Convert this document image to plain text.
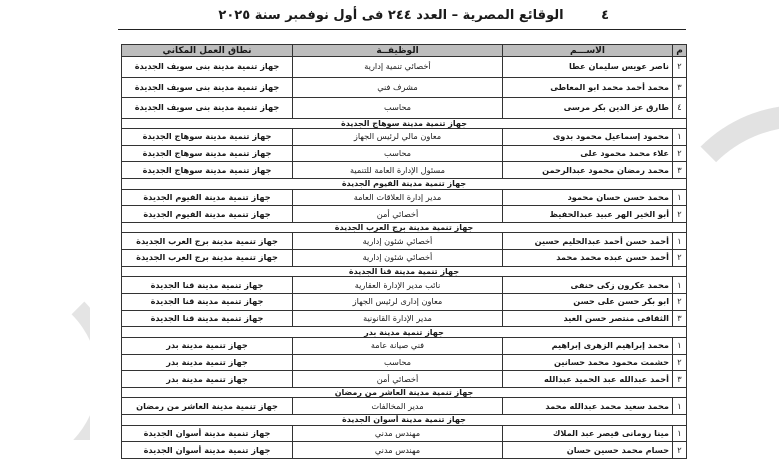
٤
الوقائع المصرية – العدد ٢٤٤ فى أول نوفمبر سنة ٢٠٢٥
م	الاســـم	الوظيفــة	نطاق العمل المكاني
٢	ناصر عويس سليمان عطا	أخصائي تنمية إدارية	جهاز تنمية مدينة بنى سويف الجديدة
٣	محمد أحمد محمد ابو المعاطى	مشرف فني	جهاز تنمية مدينة بنى سويف الجديدة
٤	طارق عز الدين بكر مرسى	محاسب	جهاز تنمية مدينة بنى سويف الجديدة
جهاز تنمية مدينة سوهاج الجديدة			
١	محمود إسماعيل محمود بدوى	معاون مالي لرئيس الجهاز	جهاز تنمية مدينة سوهاج الجديدة
٢	علاء محمد محمود على	محاسب	جهاز تنمية مدينة سوهاج الجديدة
٣	محمد رمضان محمود عبدالرحمن	مسئول الإدارة العامة للتنمية	جهاز تنمية مدينة سوهاج الجديدة
جهاز تنمية مدينة الفيوم الجديدة			
١	محمد حسن حسان محمود	مدير إدارة العلاقات العامة	جهاز تنمية مدينة الفيوم الجديدة
٢	أبو الخير الهر عبيد عبدالحفيظ	أخصائي أمن	جهاز تنمية مدينة الفيوم الجديدة
جهاز تنمية مدينة برج العرب الجديدة			
١	أحمد حسن أحمد عبدالحليم حسين	أخصائي شئون إدارية	جهاز تنمية مدينة برج العرب الجديدة
٢	أحمد حسن عبده محمد محمد	أخصائي شئون إدارية	جهاز تنمية مدينة برج العرب الجديدة
جهاز تنمية مدينة قنا الجديدة			
١	محمد عكرون زكى حنفى	نائب مدير الإدارة العقارية	جهاز تنمية مدينة قنا الجديدة
٢	ابو بكر حسن على حسن	معاون إدارى لرئيس الجهاز	جهاز تنمية مدينة قنا الجديدة
٣	الثقافى منتصر حسن العيد	مدير الإدارة القانونية	جهاز تنمية مدينة قنا الجديدة
جهاز تنمية مدينة بدر			
١	محمد إبراهيم الزهرى إبراهيم	فني صيانة عامة	جهاز تنمية مدينة بدر
٢	حشمت محمود محمد حسانين	محاسب	جهاز تنمية مدينة بدر
٣	أحمد عبدالله عبد الحميد عبدالله	أخصائي أمن	جهاز تنمية مدينة بدر
جهاز تنمية مدينة العاشر من رمضان			
١	محمد سعيد محمد عبدالله محمد	مدير المخالفات	جهاز تنمية مدينة العاشر من رمضان
جهاز تنمية مدينة أسوان الجديدة			
١	مينا رومانى قيصر عبد الملاك	مهندس مدني	جهاز تنمية مدينة أسوان الجديدة
٢	حسام محمد حسين حسان	مهندس مدني	جهاز تنمية مدينة أسوان الجديدة
